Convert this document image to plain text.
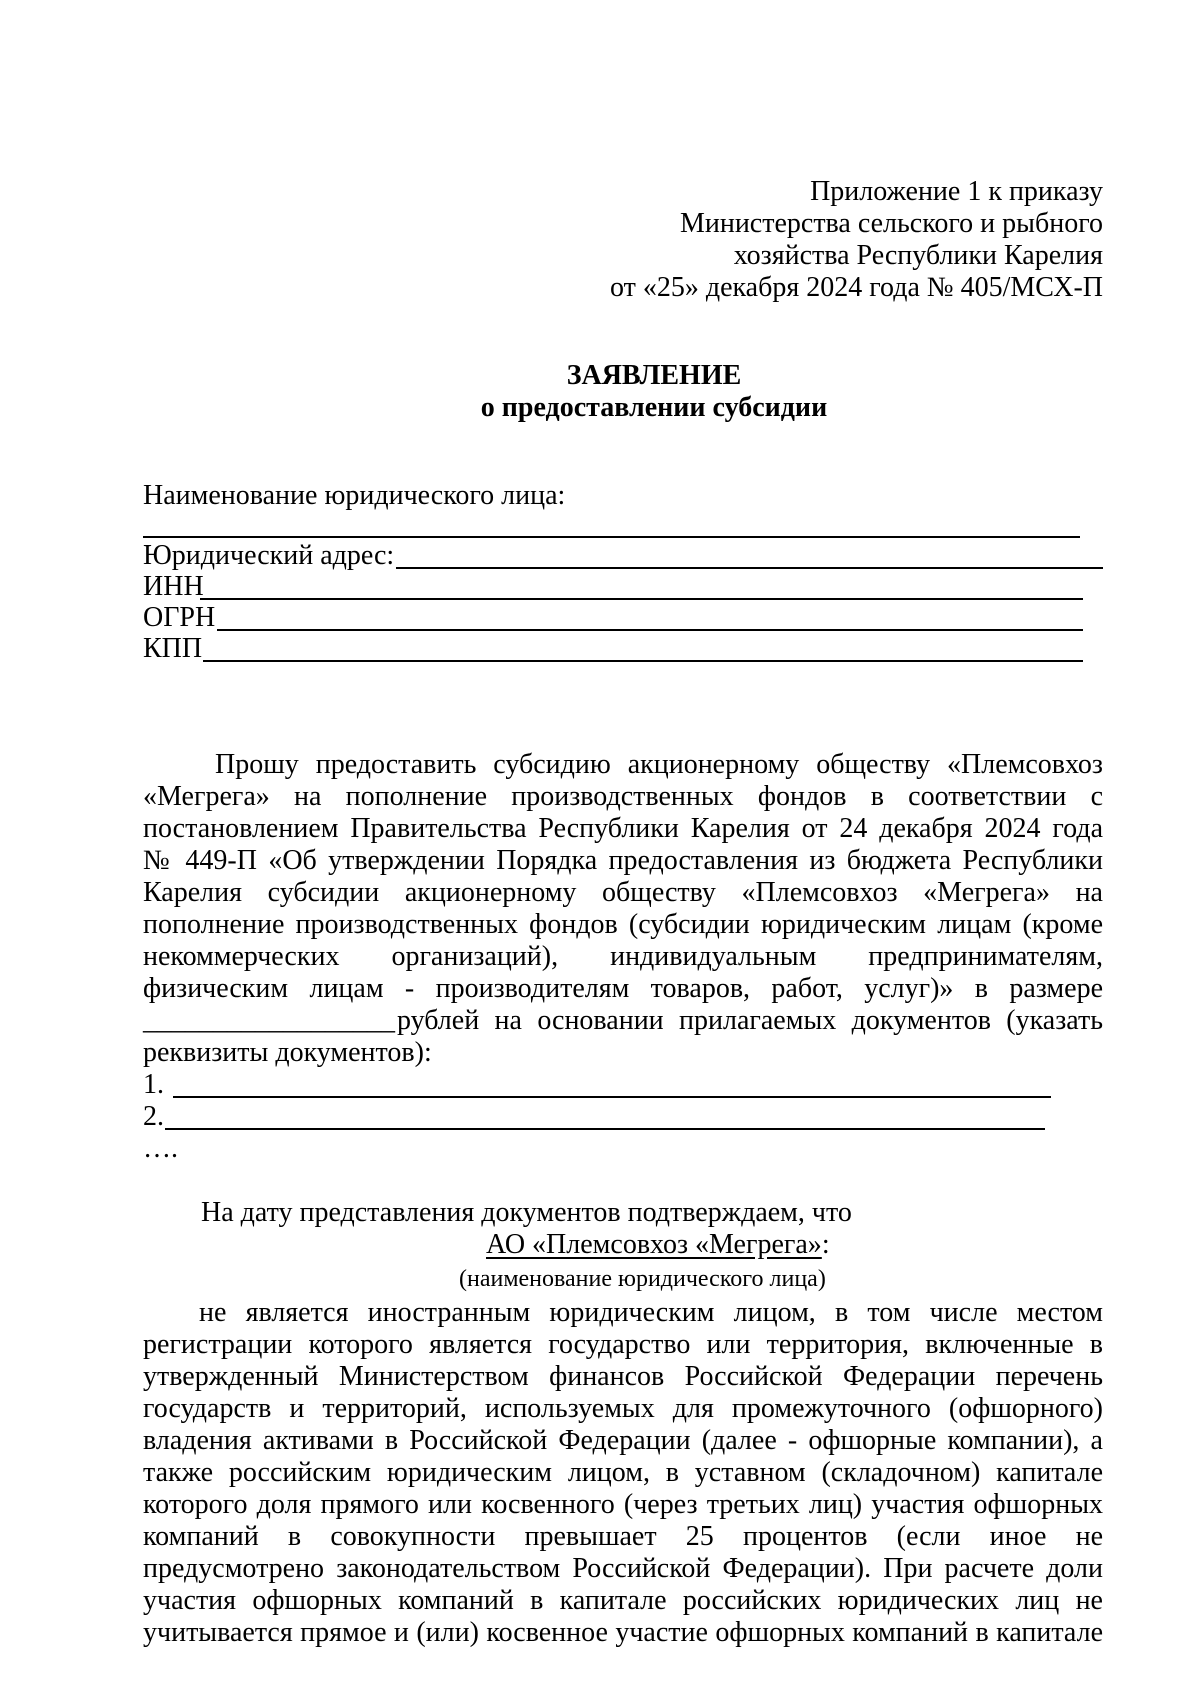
Приложение 1 к приказу
Министерства сельского и рыбного
хозяйства Республики Карелия
от «25» декабря 2024 года № 405/МСХ-П
ЗАЯВЛЕНИЕ
о предоставлении субсидии
Наименование юридического лица:
Юридический адрес:
ИНН
ОГРН
КПП
Прошу предоставить субсидию акционерному обществу «Племсовхоз
«Мегрега» на пополнение производственных фондов в соответствии с
постановлением Правительства Республики Карелия от 24 декабря 2024 года
№ 449-П «Об утверждении Порядка предоставления из бюджета Республики
Карелия субсидии акционерному обществу «Племсовхоз «Мегрега» на
пополнение производственных фондов (субсидии юридическим лицам (кроме
некоммерческих организаций), индивидуальным предпринимателям,
физическим лицам - производителям товаров, работ, услуг)» в размере
__________________ рублей на основании прилагаемых документов (указать
реквизиты документов):
1.
2.
….
На дату представления документов подтверждаем, что
АО «Племсовхоз «Мегрега»:
(наименование юридического лица)
не является иностранным юридическим лицом, в том числе местом
регистрации которого является государство или территория, включенные в
утвержденный Министерством финансов Российской Федерации перечень
государств и территорий, используемых для промежуточного (офшорного)
владения активами в Российской Федерации (далее - офшорные компании), а
также российским юридическим лицом, в уставном (складочном) капитале
которого доля прямого или косвенного (через третьих лиц) участия офшорных
компаний в совокупности превышает 25 процентов (если иное не
предусмотрено законодательством Российской Федерации). При расчете доли
участия офшорных компаний в капитале российских юридических лиц не
учитывается прямое и (или) косвенное участие офшорных компаний в капитале
